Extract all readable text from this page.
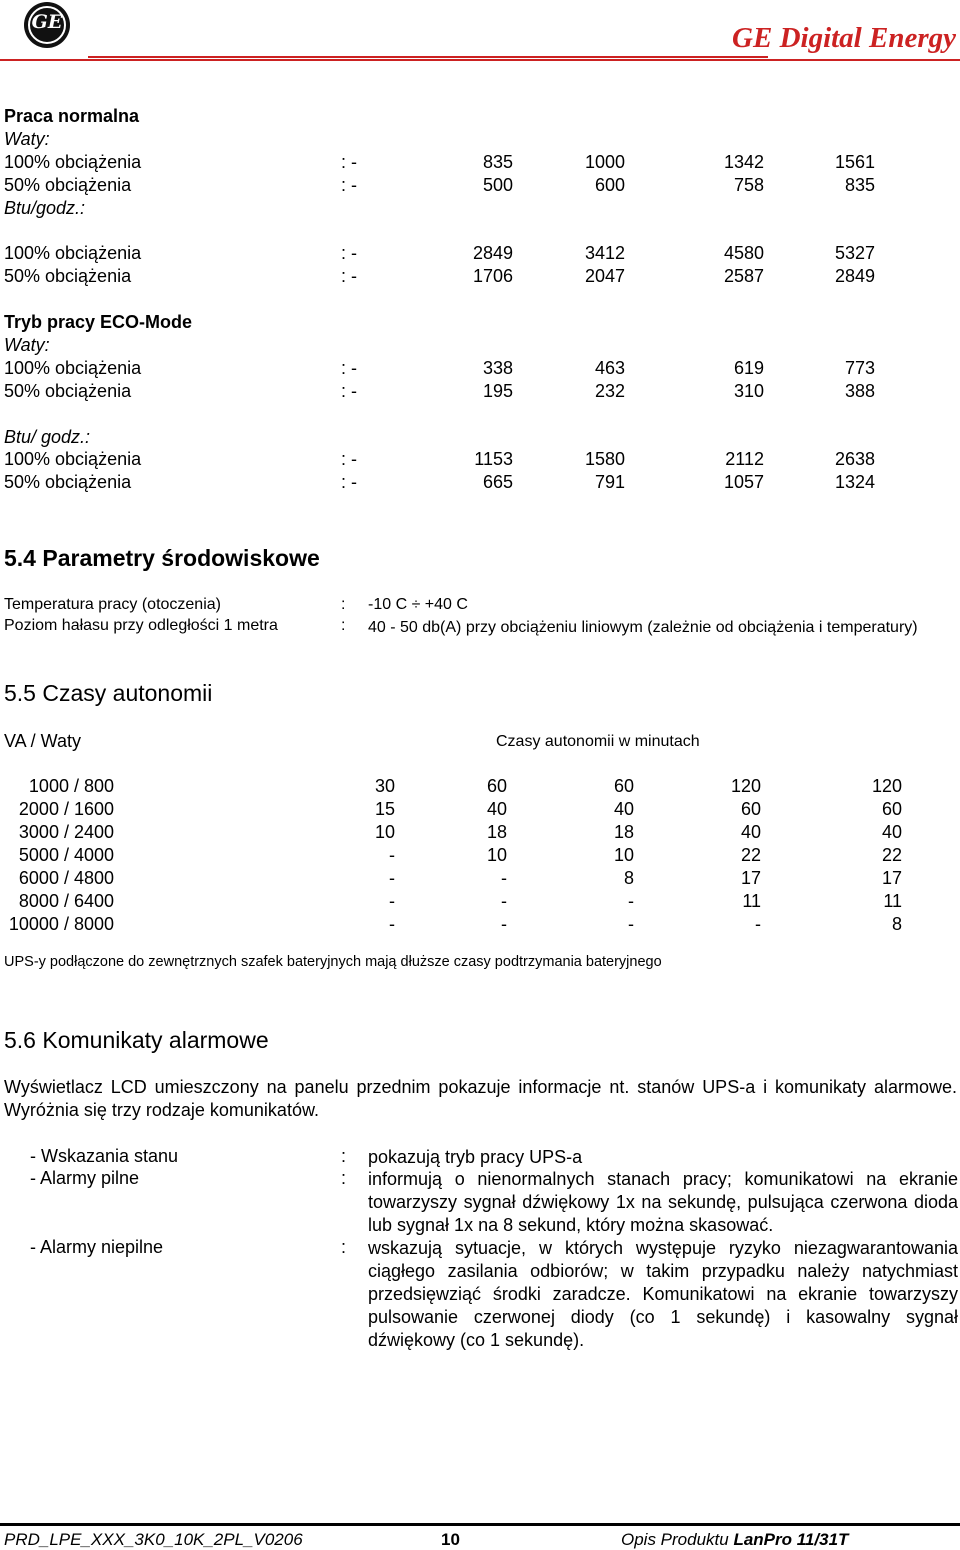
GE	GE Digital Energy
Praca normalna
Waty:
100% obciążenia	: -	835	1000	1342	1561
50% obciążenia	: -	500	600	758	835
Btu/godz.:
100% obciążenia	: -	2849	3412	4580	5327
50% obciążenia	: -	1706	2047	2587	2849
Tryb pracy ECO-Mode
Waty:
100% obciążenia	: -	338	463	619	773
50% obciążenia	: -	195	232	310	388
Btu/ godz.:
100% obciążenia	: -	1153	1580	2112	2638
50% obciążenia	: -	665	791	1057	1324
5.4 Parametry środowiskowe
Temperatura pracy (otoczenia)	: -10 C ÷ +40 C
Poziom hałasu przy odległości 1 metra	: 40 - 50 db(A) przy obciążeniu liniowym (zależnie od obciążenia i temperatury)
5.5 Czasy autonomii
VA / Waty	Czasy autonomii w minutach
1000 / 800	30	60	60	120	120
2000 / 1600	15	40	40	60	60
3000 / 2400	10	18	18	40	40
5000 / 4000	-	10	10	22	22
6000 / 4800	-	-	8	17	17
8000 / 6400	-	-	-	11	11
10000 / 8000	-	-	-	-	8
UPS-y podłączone do zewnętrznych szafek bateryjnych mają dłuższe czasy podtrzymania bateryjnego
5.6 Komunikaty alarmowe
Wyświetlacz LCD umieszczony na panelu przednim pokazuje informacje nt. stanów UPS-a i komunikaty alarmowe. Wyróżnia się trzy rodzaje komunikatów.
- Wskazania stanu	: pokazują tryb pracy UPS-a
- Alarmy pilne	: informują o nienormalnych stanach pracy; komunikatowi na ekranie towarzyszy sygnał dźwiękowy 1x na sekundę, pulsująca czerwona dioda lub sygnał 1x na 8 sekund, który można skasować.
- Alarmy niepilne	: wskazują sytuacje, w których występuje ryzyko niezagwarantowania ciągłego zasilania odbiorów; w takim przypadku należy natychmiast przedsięwziąć środki zaradcze. Komunikatowi na ekranie towarzyszy pulsowanie czerwonej diody (co 1 sekundę) i kasowalny sygnał dźwiękowy (co 1 sekundę).
PRD_LPE_XXX_3K0_10K_2PL_V0206	10	Opis Produktu LanPro 11/31T
